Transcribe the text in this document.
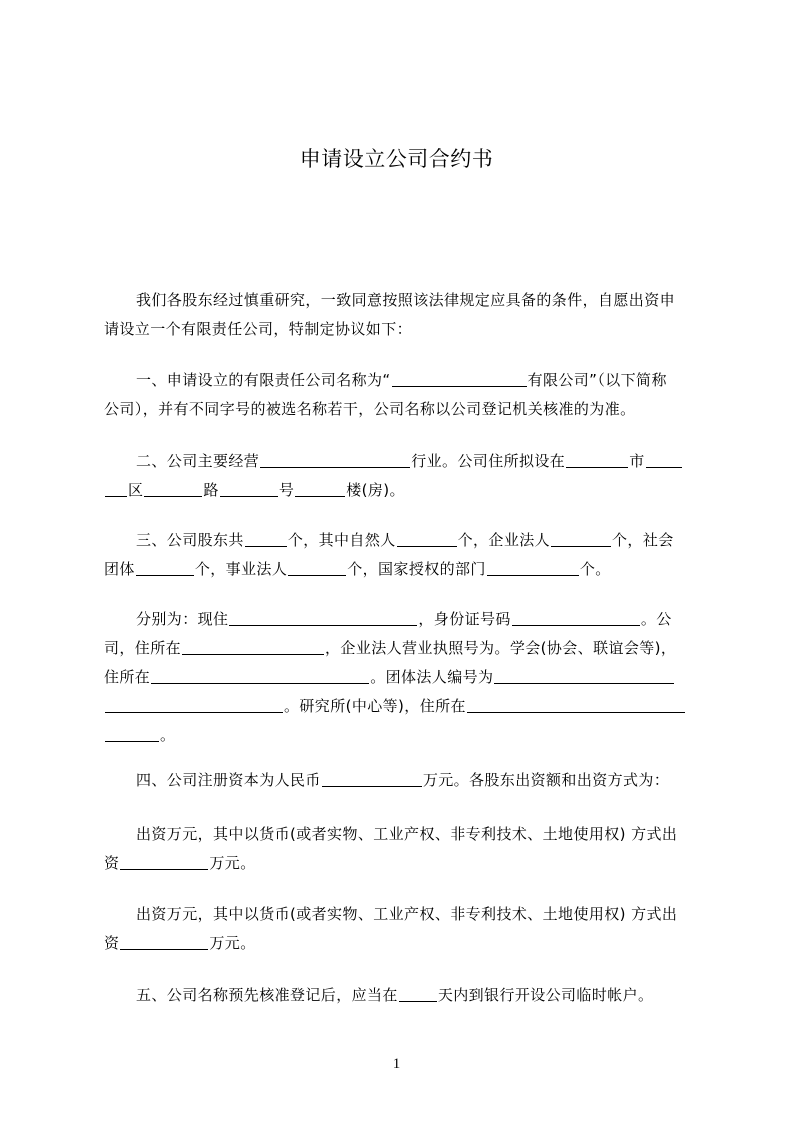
申请设立公司合约书
我们各股东经过慎重研究，一致同意按照该法律规定应具备的条件，自愿出资申
请设立一个有限责任公司，特制定协议如下：
一、申请设立的有限责任公司名称为“	有限公司”（以下简称
公司），并有不同字号的被选名称若干，公司名称以公司登记机关核准的为准。
二、公司主要经营	行业。公司住所拟设在	市
区	路	号	楼(房)。
三、公司股东共	个，其中自然人	个，企业法人	个，社会
团体	个，事业法人	个，国家授权的部门	个。
分别为：现住	，身份证号码	。公
司，住所在	，企业法人营业执照号为。学会(协会、联谊会等)，
住所在	。团体法人编号为
。研究所(中心等)，住所在
。
四、公司注册资本为人民币	万元。各股东出资额和出资方式为：
出资万元，其中以货币(或者实物、工业产权、非专利技术、土地使用权) 方式出
资	万元。
出资万元，其中以货币(或者实物、工业产权、非专利技术、土地使用权) 方式出
资	万元。
五、公司名称预先核准登记后，应当在	天内到银行开设公司临时帐户。
1
